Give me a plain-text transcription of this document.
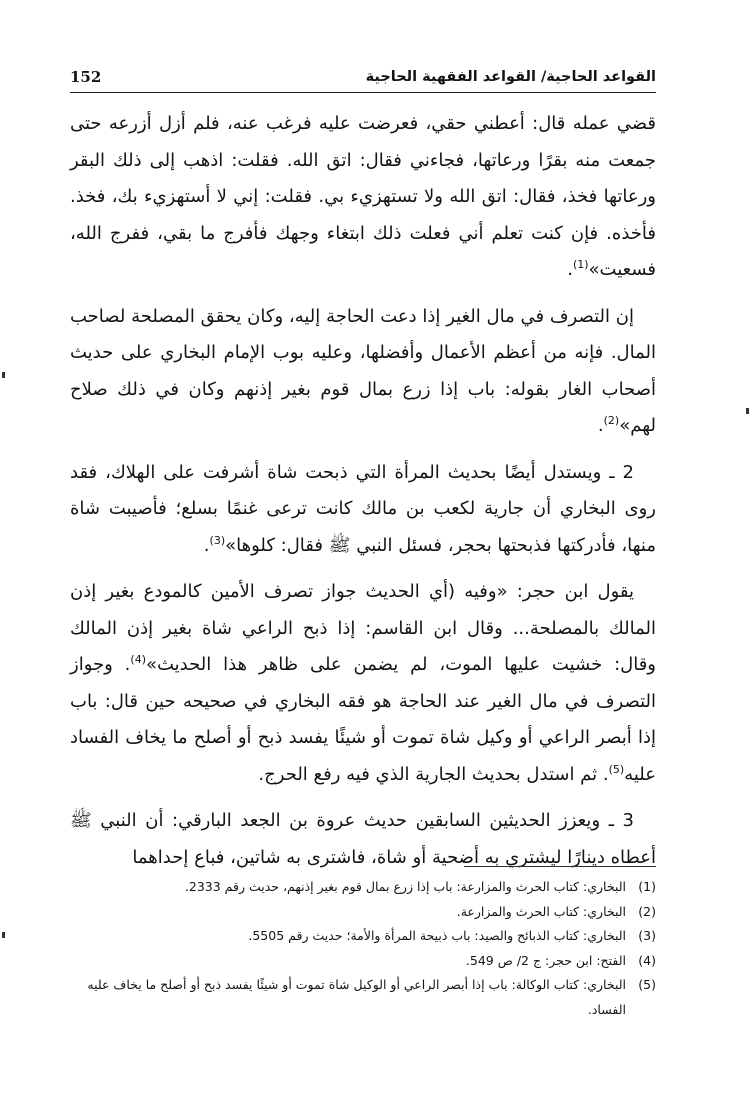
152	القواعد الحاجية/ القواعد الفقهية الحاجية

قضي عمله قال: أعطني حقي، فعرضت عليه فرغب عنه، فلم أزل أزرعه حتى جمعت منه بقرًا ورعاتها، فجاءني فقال: اتق الله. فقلت: اذهب إلى ذلك البقر ورعاتها فخذ، فقال: اتق الله ولا تستهزيء بي. فقلت: إني لا أستهزيء بك، فخذ. فأخذه. فإن كنت تعلم أني فعلت ذلك ابتغاء وجهك فأفرج ما بقي، ففرج الله، فسعيت»$^{(1)}$.

إن التصرف في مال الغير إذا دعت الحاجة إليه، وكان يحقق المصلحة لصاحب المال. فإنه من أعظم الأعمال وأفضلها، وعليه بوب الإمام البخاري على حديث أصحاب الغار بقوله: باب إذا زرع بمال قوم بغير إذنهم وكان في ذلك صلاح لهم»$^{(2)}$.

2 ـ ويستدل أيضًا بحديث المرأة التي ذبحت شاة أشرفت على الهلاك، فقد روى البخاري أن جارية لكعب بن مالك كانت ترعى غنمًا بسلع؛ فأصيبت شاة منها، فأدركتها فذبحتها بحجر، فسئل النبي ﷺ فقال: كلوها»$^{(3)}$.

يقول ابن حجر: «وفيه (أي الحديث جواز تصرف الأمين كالمودع بغير إذن المالك بالمصلحة... وقال ابن القاسم: إذا ذبح الراعي شاة بغير إذن المالك وقال: خشيت عليها الموت، لم يضمن على ظاهر هذا الحديث»$^{(4)}$. وجواز التصرف في مال الغير عند الحاجة هو فقه البخاري في صحيحه حين قال: باب إذا أبصر الراعي أو وكيل شاة تموت أو شيئًا يفسد ذبح أو أصلح ما يخاف الفساد عليه$^{(5)}$. ثم استدل بحديث الجارية الذي فيه رفع الحرج.

3 ـ ويعزز الحديثين السابقين حديث عروة بن الجعد البارقي: أن النبي ﷺ أعطاه دينارًا ليشتري به أضحية أو شاة، فاشترى به شاتين، فباع إحداهما

(1)
البخاري: كتاب الحرث والمزارعة: باب إذا زرع بمال قوم بغير إذنهم، حديث رقم 2333.
(2)
البخاري: كتاب الحرث والمزارعة.
(3)
البخاري: كتاب الذبائح والصيد: باب ذبيحة المرأة والأمة؛ حديث رقم 5505.
(4)
الفتح: ابن حجر: ج 2/ ص 549.
(5)
البخاري: كتاب الوكالة: باب إذا أبصر الراعي أو الوكيل شاة تموت أو شيئًا يفسد ذبح أو أصلح ما يخاف عليه الفساد.
